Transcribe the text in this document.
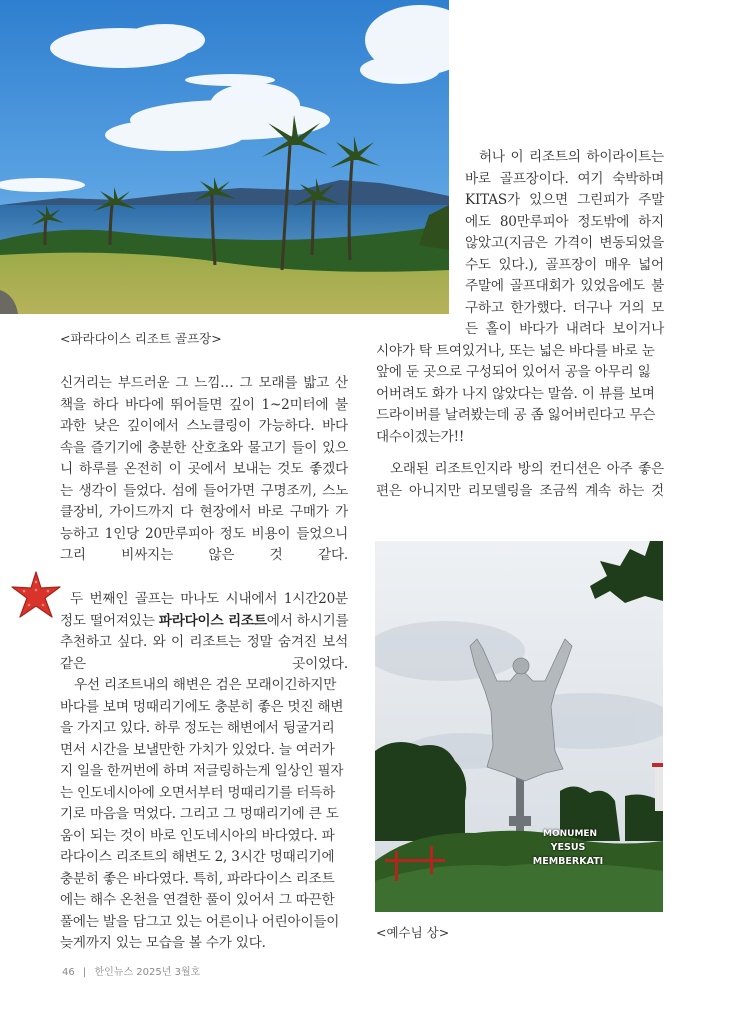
<파라다이스 리조트 골프장>
허나 이 리조트의 하이라이트는
바로 골프장이다. 여기 숙박하며
KITAS가 있으면 그린피가 주말
에도 80만루피아 정도밖에 하지
않았고(지금은 가격이 변동되었을
수도 있다.), 골프장이 매우 넓어
주말에 골프대회가 있었음에도 불
구하고 한가했다. 더구나 거의 모
든 홀이 바다가 내려다 보이거나
시야가 탁 트여있거나, 또는 넓은 바다를 바로 눈
앞에 둔 곳으로 구성되어 있어서 공을 아무리 잃
어버려도 화가 나지 않았다는 말씀. 이 뷰를 보며
드라이버를 날려봤는데 공 좀 잃어버린다고 무슨
대수이겠는가!!
오래된 리조트인지라 방의 컨디션은 아주 좋은
편은 아니지만 리모델링을 조금씩 계속 하는 것
신거리는 부드러운 그 느낌… 그 모래를 밟고 산
책을 하다 바다에 뛰어들면 깊이 1~2미터에 불
과한 낮은 깊이에서 스노클링이 가능하다. 바다
속을 즐기기에 충분한 산호초와 물고기 들이 있으
니 하루를 온전히 이 곳에서 보내는 것도 좋겠다
는 생각이 들었다. 섬에 들어가면 구명조끼, 스노
클장비, 가이드까지 다 현장에서 바로 구매가 가
능하고 1인당 20만루피아 정도 비용이 들었으니
그리 비싸지는 않은 것 같다.
두 번째인 골프는 마나도 시내에서 1시간20분
정도 떨어져있는 파라다이스 리조트에서 하시기를
추천하고 싶다. 와 이 리조트는 정말 숨겨진 보석
같은 곳이었다.
우선 리조트내의 해변은 검은 모래이긴하지만
바다를 보며 멍때리기에도 충분히 좋은 멋진 해변
을 가지고 있다. 하루 정도는 해변에서 뒹굴거리
면서 시간을 보낼만한 가치가 있었다. 늘 여러가
지 일을 한꺼번에 하며 저글링하는게 일상인 필자
는 인도네시아에 오면서부터 멍때리기를 터득하
기로 마음을 먹었다. 그리고 그 멍때리기에 큰 도
움이 되는 것이 바로 인도네시아의 바다였다. 파
라다이스 리조트의 해변도 2, 3시간 멍때리기에
충분히 좋은 바다였다. 특히, 파라다이스 리조트
에는 해수 온천을 연결한 풀이 있어서 그 따끈한
풀에는 발을 담그고 있는 어른이나 어린아이들이
늦게까지 있는 모습을 볼 수가 있다.
MONUMEN
YESUS MEMBERKATI
<예수님 상>
46 | 한인뉴스 2025년 3월호
